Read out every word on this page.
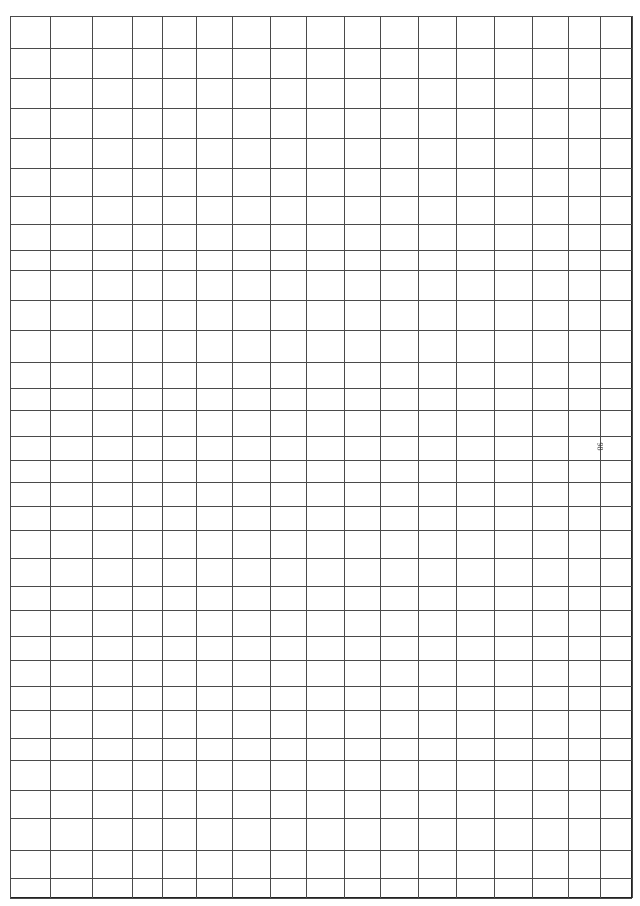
98
